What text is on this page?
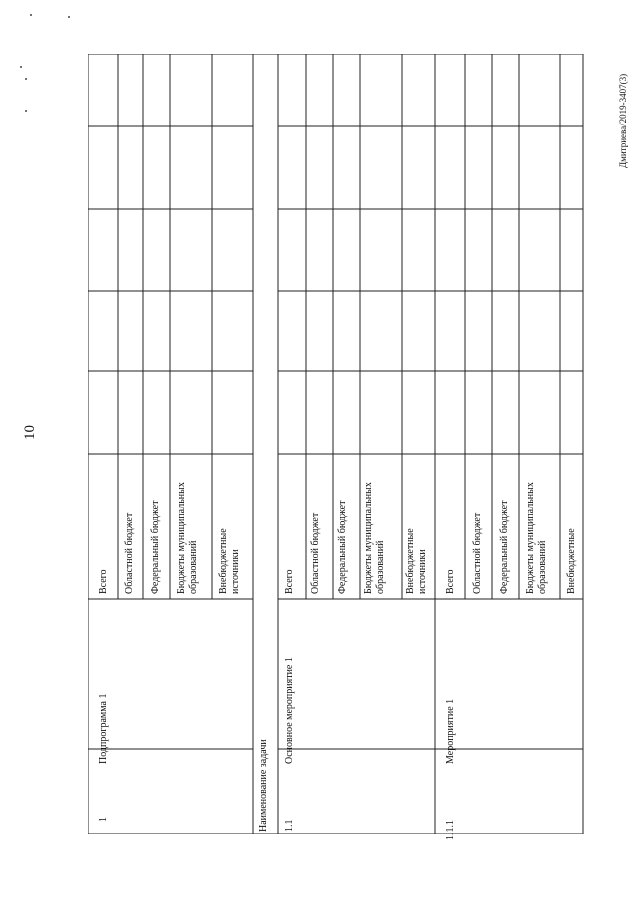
10
Дмитриева/2019-3407(3)
1
Подпрограмма 1
Всего Областной бюджет Федеральный бюджет Бюджеты муниципальных образований Внебюджетные источники
Наименование задачи 1.1
Основное мероприятие 1
Всего Областной бюджет Федеральный бюджет Бюджеты муниципальных образований Внебюджетные источники
1.1.1
Мероприятие 1
Всего Областной бюджет Федеральный бюджет Бюджеты муниципальных образований Внебюджетные
